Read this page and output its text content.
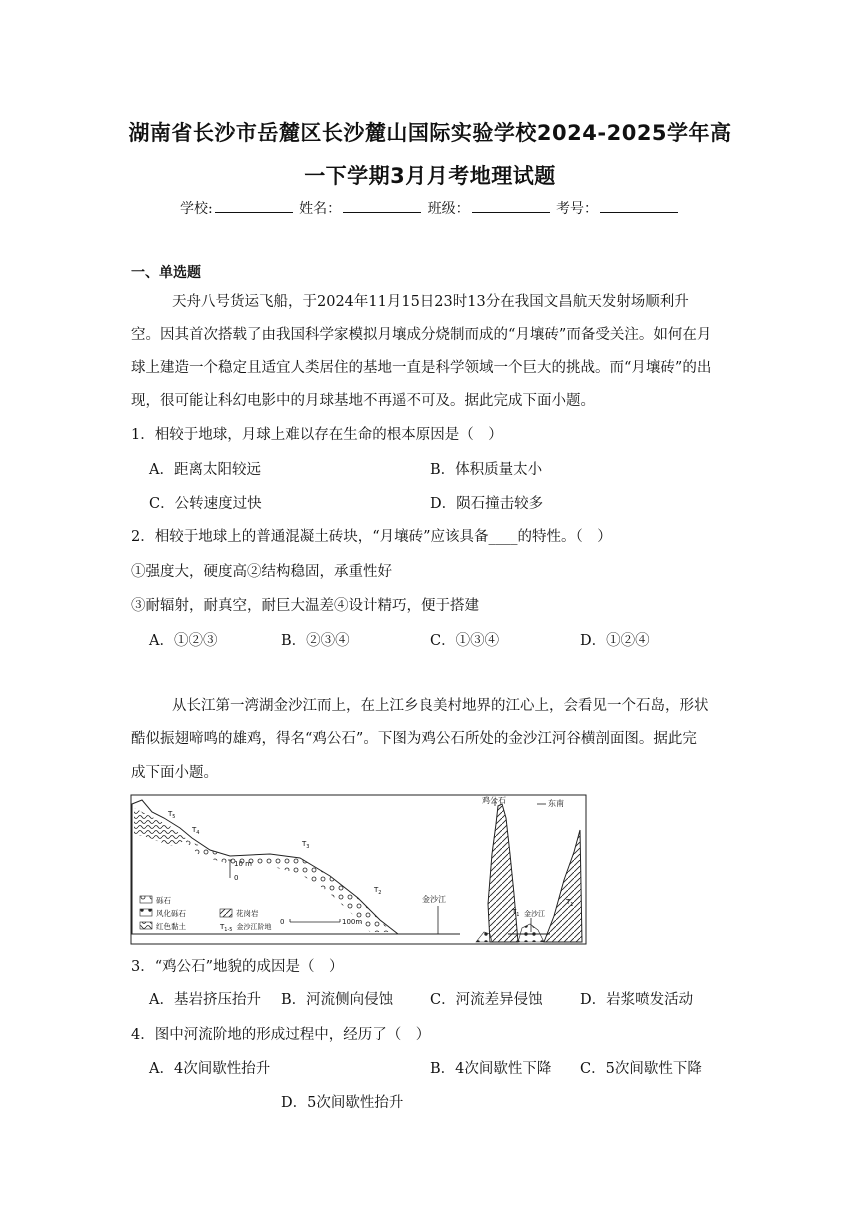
湖南省长沙市岳麓区长沙麓山国际实验学校2024-2025学年高
一下学期3月月考地理试题
学校:	姓名：	班级：	考号：
一、单选题
天舟八号货运飞船，于2024年11月15日23时13分在我国文昌航天发射场顺利升
空。因其首次搭载了由我国科学家模拟月壤成分烧制而成的“月壤砖”而备受关注。如何在月
球上建造一个稳定且适宜人类居住的基地一直是科学领域一个巨大的挑战。而“月壤砖”的出
现，很可能让科幻电影中的月球基地不再遥不可及。据此完成下面小题。
1．相较于地球，月球上难以存在生命的根本原因是（　）
A．距离太阳较远	B．体积质量太小
C．公转速度过快	D．陨石撞击较多
2．相较于地球上的普通混凝土砖块，“月壤砖”应该具备____的特性。（　）
①强度大，硬度高②结构稳固，承重性好
③耐辐射，耐真空，耐巨大温差④设计精巧，便于搭建
A．①②③	B．②③④	C．①③④	D．①②④
从长江第一湾湖金沙江而上，在上江乡良美村地界的江心上，会看见一个石岛，形状
酷似振翅啼鸣的雄鸡，得名“鸡公石”。下图为鸡公石所处的金沙江河谷横剖面图。据此完
成下面小题。
鸡公石	东南
金沙江
金沙江
$T_5$
$T_4$
$T_3$
$T_2$
$T_1$
$T_1$
砾石
风化砾石
红色黏土
花岗岩
$T_{1-5}$ 金沙江阶地
10 m
0
0	100m
3．“鸡公石”地貌的成因是（　）
A．基岩挤压抬升 B．河流侧向侵蚀	C．河流差异侵蚀	D．岩浆喷发活动
4．图中河流阶地的形成过程中，经历了（　）
A．4次间歇性抬升	B．4次间歇性下降 C．5次间歇性下降
D．5次间歇性抬升
